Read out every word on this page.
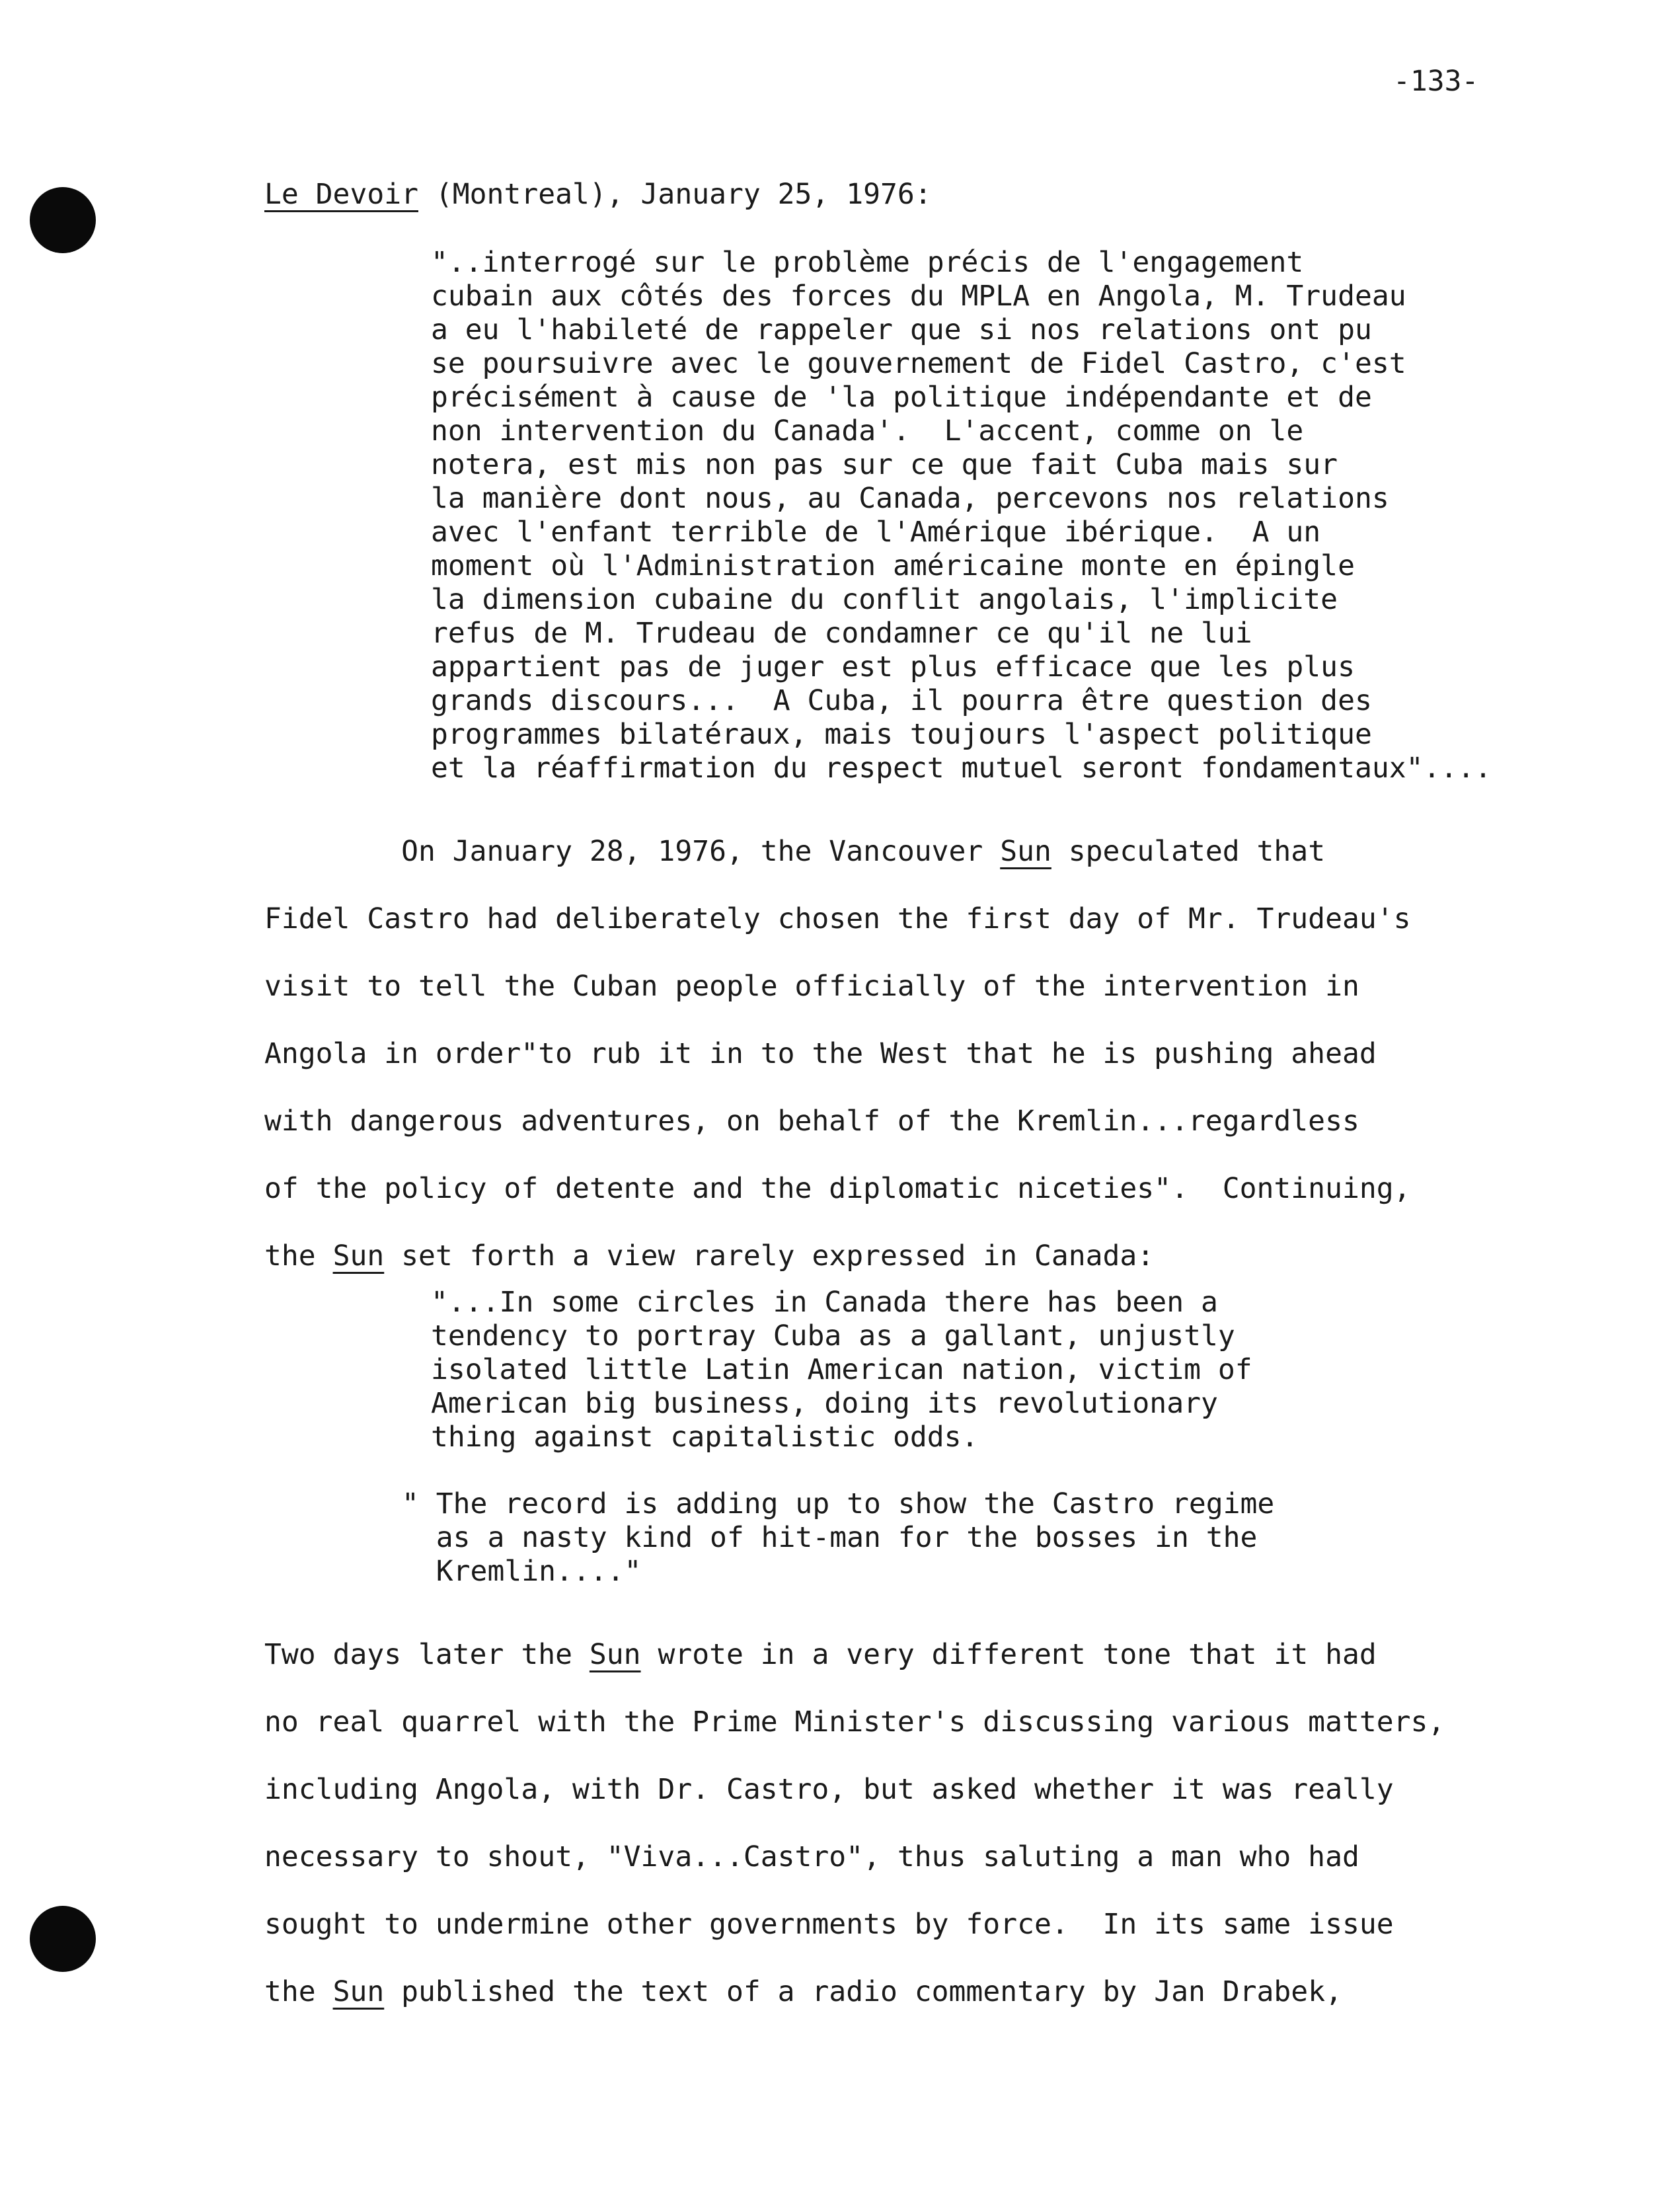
-133-

Le Devoir (Montreal), January 25, 1976:

"..interrogé sur le problème précis de l'engagement
cubain aux côtés des forces du MPLA en Angola, M. Trudeau
a eu l'habileté de rappeler que si nos relations ont pu
se poursuivre avec le gouvernement de Fidel Castro, c'est
précisément à cause de 'la politique indépendante et de
non intervention du Canada'.  L'accent, comme on le
notera, est mis non pas sur ce que fait Cuba mais sur
la manière dont nous, au Canada, percevons nos relations
avec l'enfant terrible de l'Amérique ibérique.  A un
moment où l'Administration américaine monte en épingle
la dimension cubaine du conflit angolais, l'implicite
refus de M. Trudeau de condamner ce qu'il ne lui
appartient pas de juger est plus efficace que les plus
grands discours...  A Cuba, il pourra être question des
programmes bilatéraux, mais toujours l'aspect politique
et la réaffirmation du respect mutuel seront fondamentaux"....

On January 28, 1976, the Vancouver Sun speculated that
Fidel Castro had deliberately chosen the first day of Mr. Trudeau's
visit to tell the Cuban people officially of the intervention in
Angola in order"to rub it in to the West that he is pushing ahead
with dangerous adventures, on behalf of the Kremlin...regardless
of the policy of detente and the diplomatic niceties".  Continuing,
the Sun set forth a view rarely expressed in Canada:

"...In some circles in Canada there has been a
tendency to portray Cuba as a gallant, unjustly
isolated little Latin American nation, victim of
American big business, doing its revolutionary
thing against capitalistic odds.

" The record is adding up to show the Castro regime
as a nasty kind of hit-man for the bosses in the
Kremlin...."

Two days later the Sun wrote in a very different tone that it had
no real quarrel with the Prime Minister's discussing various matters,
including Angola, with Dr. Castro, but asked whether it was really
necessary to shout, "Viva...Castro", thus saluting a man who had
sought to undermine other governments by force.  In its same issue
the Sun published the text of a radio commentary by Jan Drabek,
